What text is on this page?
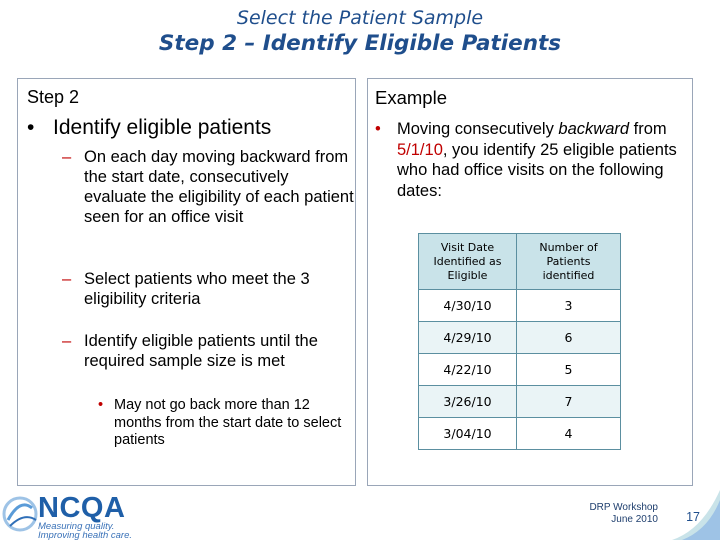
Select the Patient Sample
Step 2 – Identify Eligible Patients
Step 2
• Identify eligible patients
– On each day moving backward from the start date, consecutively evaluate the eligibility of each patient seen for an office visit
– Select patients who meet the 3 eligibility criteria
– Identify eligible patients until the required sample size is met
• May not go back more than 12 months from the start date to select patients
Example
• Moving consecutively backward from 5/1/10, you identify 25 eligible patients who had office visits on the following dates:
Visit Date Identified as Eligible	Number of Patients identified
4/30/10	3
4/29/10	6
4/22/10	5
3/26/10	7
3/04/10	4
NCQA
Measuring quality.
Improving health care.
DRP Workshop
June 2010 17
